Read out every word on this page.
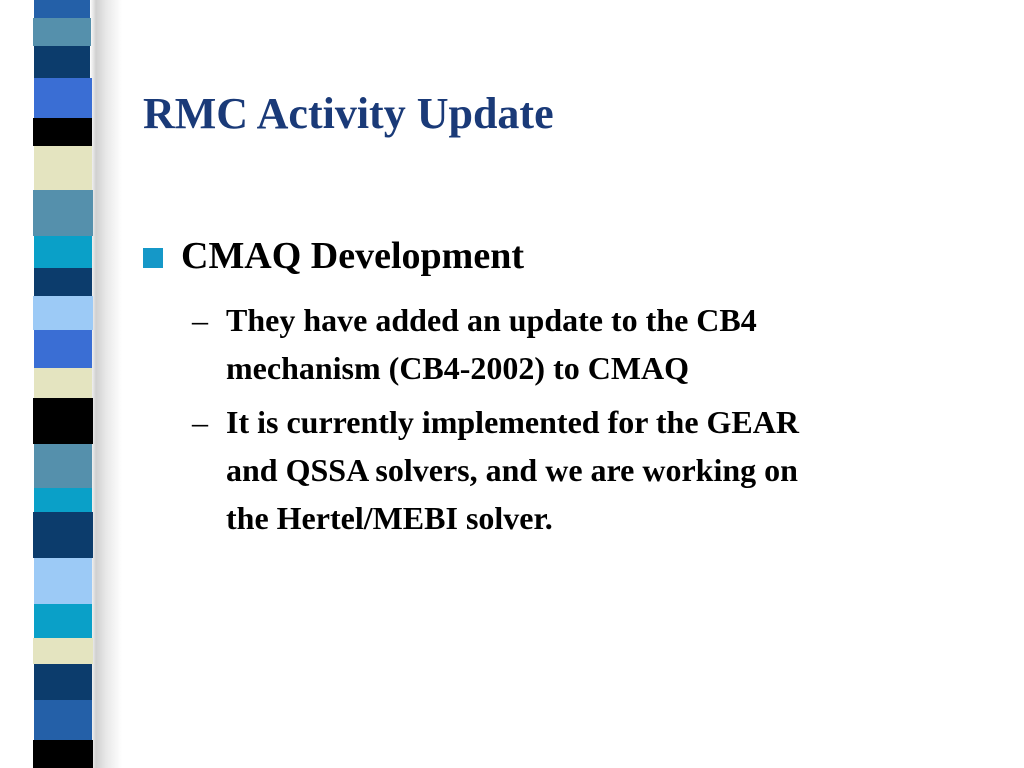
RMC Activity Update
CMAQ Development
– They have added an update to the CB4
mechanism (CB4-2002) to CMAQ
– It is currently implemented for the GEAR
and QSSA solvers, and we are working on
the Hertel/MEBI solver.
